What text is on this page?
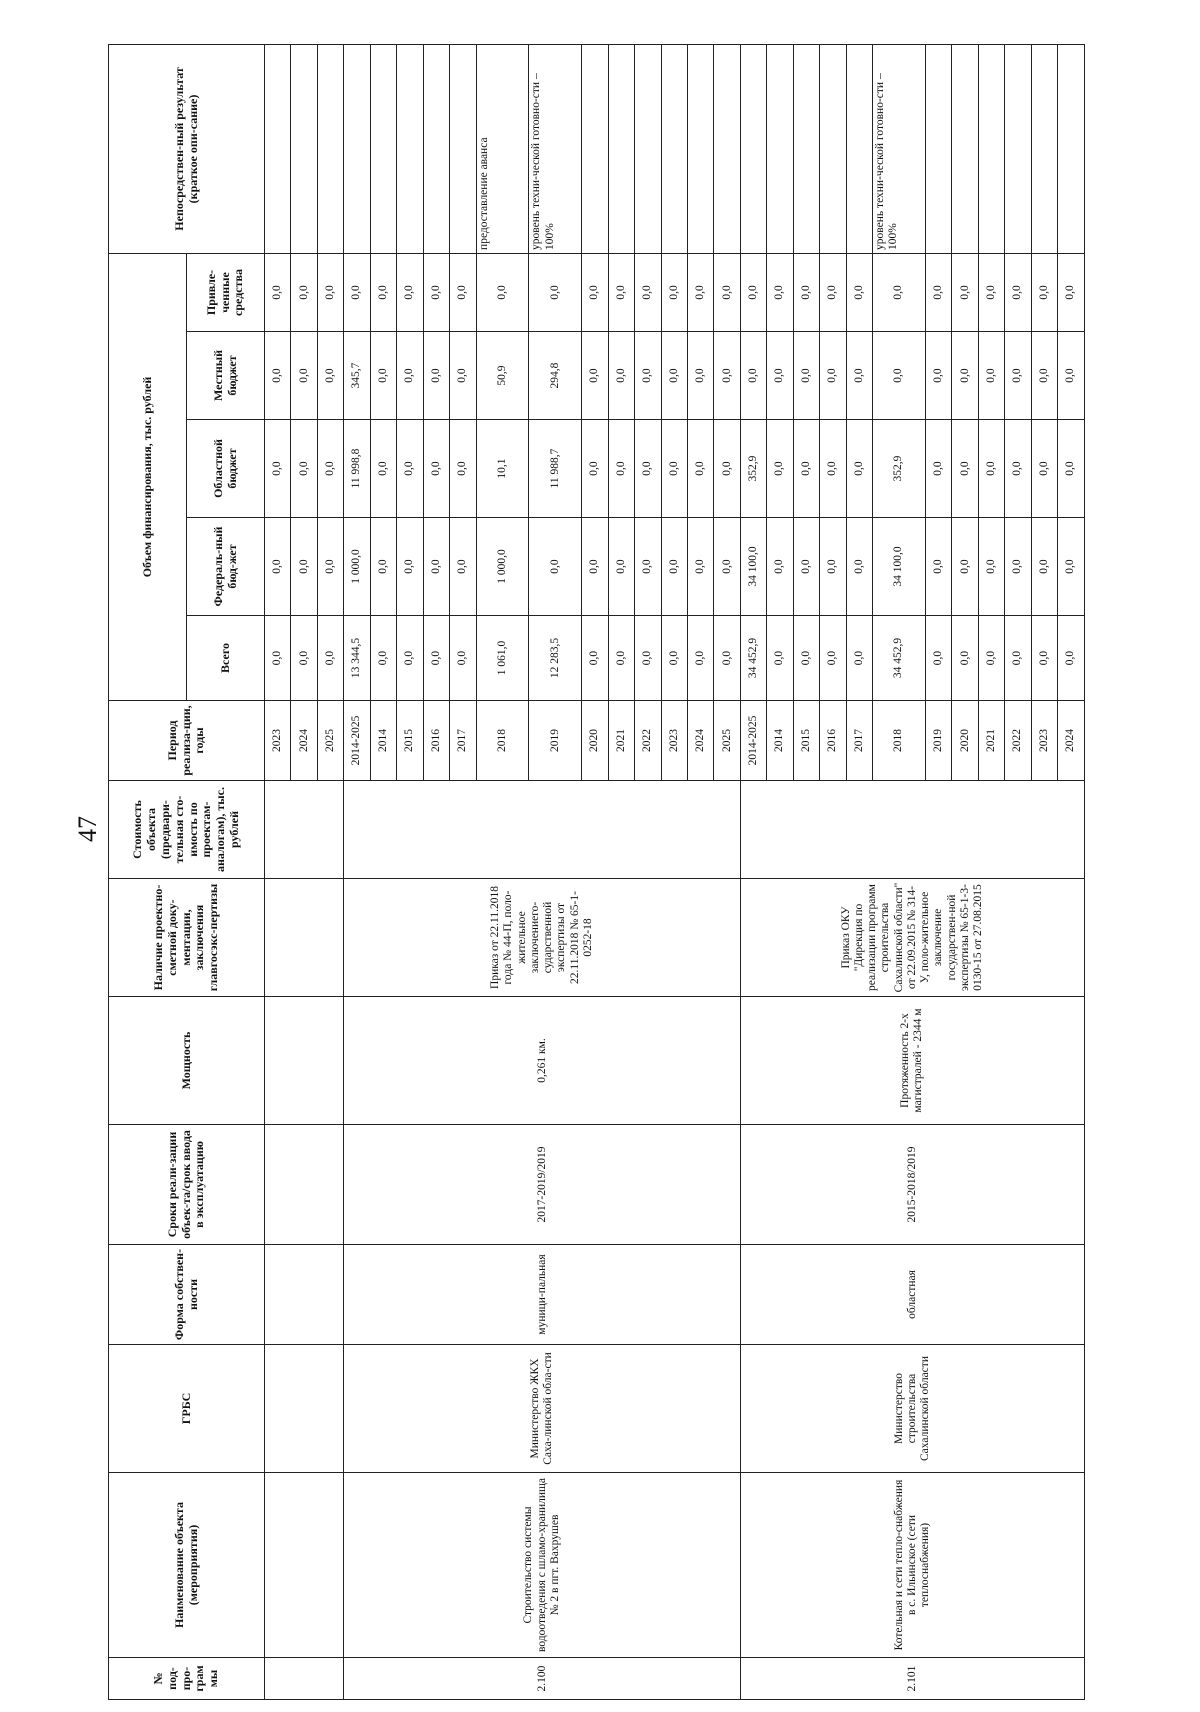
47
№ под-про-грам мы	Наименование объекта (мероприятия)	ГРБС	Форма собствен-ности	Сроки реали-зации объек-та/срок ввода в эксплуатацию	Мощность	Наличие проектно-сметной доку-ментации, заключения главгосэкс-пертизы	Стоимость объекта (предвари-тельная сто-имость по проектам-аналогам), тыс. рублей	Период реализа-ции, годы	Объем финансирования, тыс. рублей					Непосредствен-ный результат (краткое опи-сание)
									Всего	Федераль-ный бюд-жет	Областной бюджет	Местный бюджет	Привле-ченные средства	
								2023	0,0	0,0	0,0	0,0	0,0	
								2024	0,0	0,0	0,0	0,0	0,0	
								2025	0,0	0,0	0,0	0,0	0,0	
2.100	Строительство системы водоотведения с шламо-хранилища № 2 в пгт. Вахрушев	Министерство ЖКХ Саха-линской обла-сти	муници-пальная	2017-2019/2019	0,261 км.	Приказ от 22.11.2018 года № 44-П, поло-жительное заключениего-сударственной экспертизы от 22.11.2018 № 65-1-0252-18		2014-2025	13 344,5	1 000,0	11 998,8	345,7	0,0	
								2014	0,0	0,0	0,0	0,0	0,0	
								2015	0,0	0,0	0,0	0,0	0,0	
								2016	0,0	0,0	0,0	0,0	0,0	
								2017	0,0	0,0	0,0	0,0	0,0	
								2018	1 061,0	1 000,0	10,1	50,9	0,0	предоставление аванса
								2019	12 283,5	0,0	11 988,7	294,8	0,0	уровень техни-ческой готовно-сти – 100%
								2020	0,0	0,0	0,0	0,0	0,0	
								2021	0,0	0,0	0,0	0,0	0,0	
								2022	0,0	0,0	0,0	0,0	0,0	
								2023	0,0	0,0	0,0	0,0	0,0	
								2024	0,0	0,0	0,0	0,0	0,0	
								2025	0,0	0,0	0,0	0,0	0,0	
2.101	Котельная и сети тепло-снабжения в с. Ильинское (сети теплоснабжения)	Министерство строительства Сахалинской области	областная	2015-2018/2019	Протяженность 2-х магистралей - 2344 м	Приказ ОКУ "Дирекция по реализации программ строительства Сахалинской области" от 22.09.2015 № 314-У, поло-жительное заключение государствен-ной экспертизы № 65-1-3-0130-15 от 27.08.2015		2014-2025	34 452,9	34 100,0	352,9	0,0	0,0	
								2014	0,0	0,0	0,0	0,0	0,0	
								2015	0,0	0,0	0,0	0,0	0,0	
								2016	0,0	0,0	0,0	0,0	0,0	
								2017	0,0	0,0	0,0	0,0	0,0	
								2018	34 452,9	34 100,0	352,9	0,0	0,0	уровень техни-ческой готовно-сти – 100%
								2019	0,0	0,0	0,0	0,0	0,0	
								2020	0,0	0,0	0,0	0,0	0,0	
								2021	0,0	0,0	0,0	0,0	0,0	
								2022	0,0	0,0	0,0	0,0	0,0	
								2023	0,0	0,0	0,0	0,0	0,0	
								2024	0,0	0,0	0,0	0,0	0,0	
